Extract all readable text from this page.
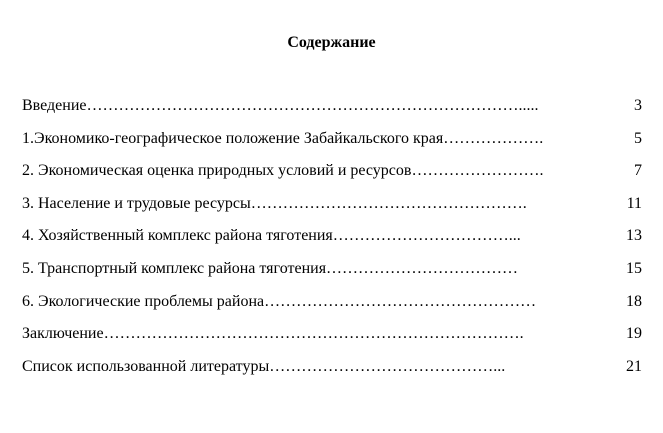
Содержание
Введение……………………………………………………………………….....	3
1.Экономико-географическое положение Забайкальского края……………….	5
2. Экономическая оценка природных условий и ресурсов…………………….	7
3. Население и трудовые ресурсы…………………………………………….	11
4. Хозяйственный комплекс района тяготения……………………………...	13
5. Транспортный комплекс района тяготения………………………………	15
6. Экологические проблемы района……………………………………………	18
Заключение…………………………………………………………………….	19
Список использованной литературы……………………………………...	21
